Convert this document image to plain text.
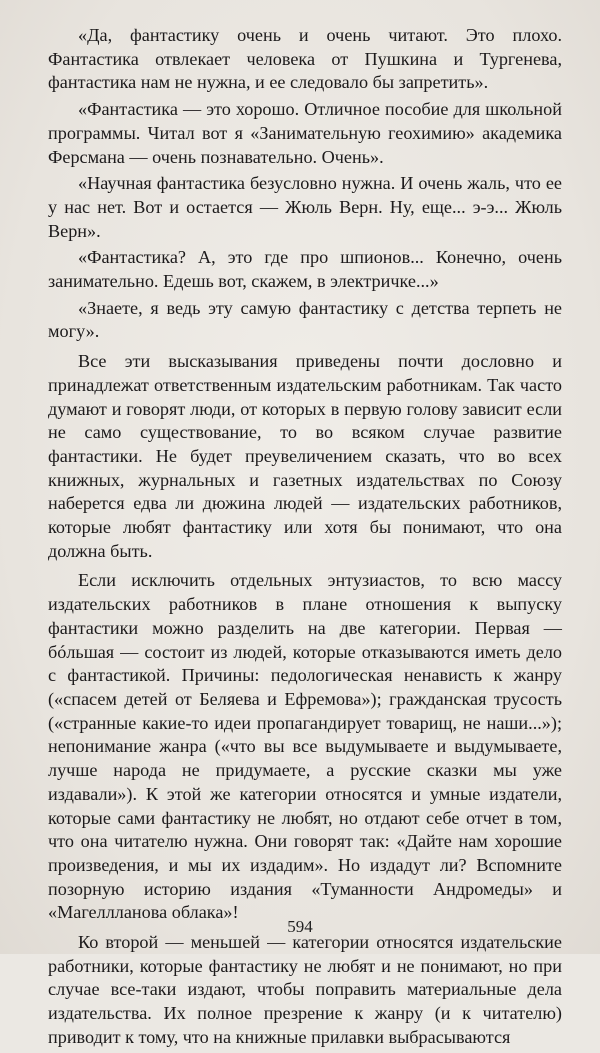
«Да, фантастику очень и очень читают. Это плохо. Фантастика отвлекает человека от Пушкина и Тургенева, фантастика нам не нужна, и ее следовало бы запретить».

«Фантастика — это хорошо. Отличное пособие для школьной программы. Читал вот я «Занимательную геохимию» академика Ферсмана — очень познавательно. Очень».

«Научная фантастика безусловно нужна. И очень жаль, что ее у нас нет. Вот и остается — Жюль Верн. Ну, еще... э-э... Жюль Верн».

«Фантастика? А, это где про шпионов... Конечно, очень занимательно. Едешь вот, скажем, в электричке...»

«Знаете, я ведь эту самую фантастику с детства терпеть не могу».

Все эти высказывания приведены почти дословно и принадлежат ответственным издательским работникам. Так часто думают и говорят люди, от которых в первую голову зависит если не само существование, то во всяком случае развитие фантастики. Не будет преувеличением сказать, что во всех книжных, журнальных и газетных издательствах по Союзу наберется едва ли дюжина людей — издательских работников, которые любят фантастику или хотя бы понимают, что она должна быть.

Если исключить отдельных энтузиастов, то всю массу издательских работников в плане отношения к выпуску фантастики можно разделить на две категории. Первая — бóльшая — состоит из людей, которые отказываются иметь дело с фантастикой. Причины: педологическая ненависть к жанру («спасем детей от Беляева и Ефремова»); гражданская трусость («странные какие-то идеи пропагандирует товарищ, не наши...»); непонимание жанра («что вы все выдумываете и выдумываете, лучше народа не придумаете, а русские сказки мы уже издавали»). К этой же категории относятся и умные издатели, которые сами фантастику не любят, но отдают себе отчет в том, что она читателю нужна. Они говорят так: «Дайте нам хорошие произведения, и мы их издадим». Но издадут ли? Вспомните позорную историю издания «Туманности Андромеды» и «Магеллланова облака»!

Ко второй — меньшей — категории относятся издательские работники, которые фантастику не любят и не понимают, но при случае все-таки издают, чтобы поправить материальные дела издательства. Их полное презрение к жанру (и к читателю) приводит к тому, что на книжные прилавки выбрасываются

594
